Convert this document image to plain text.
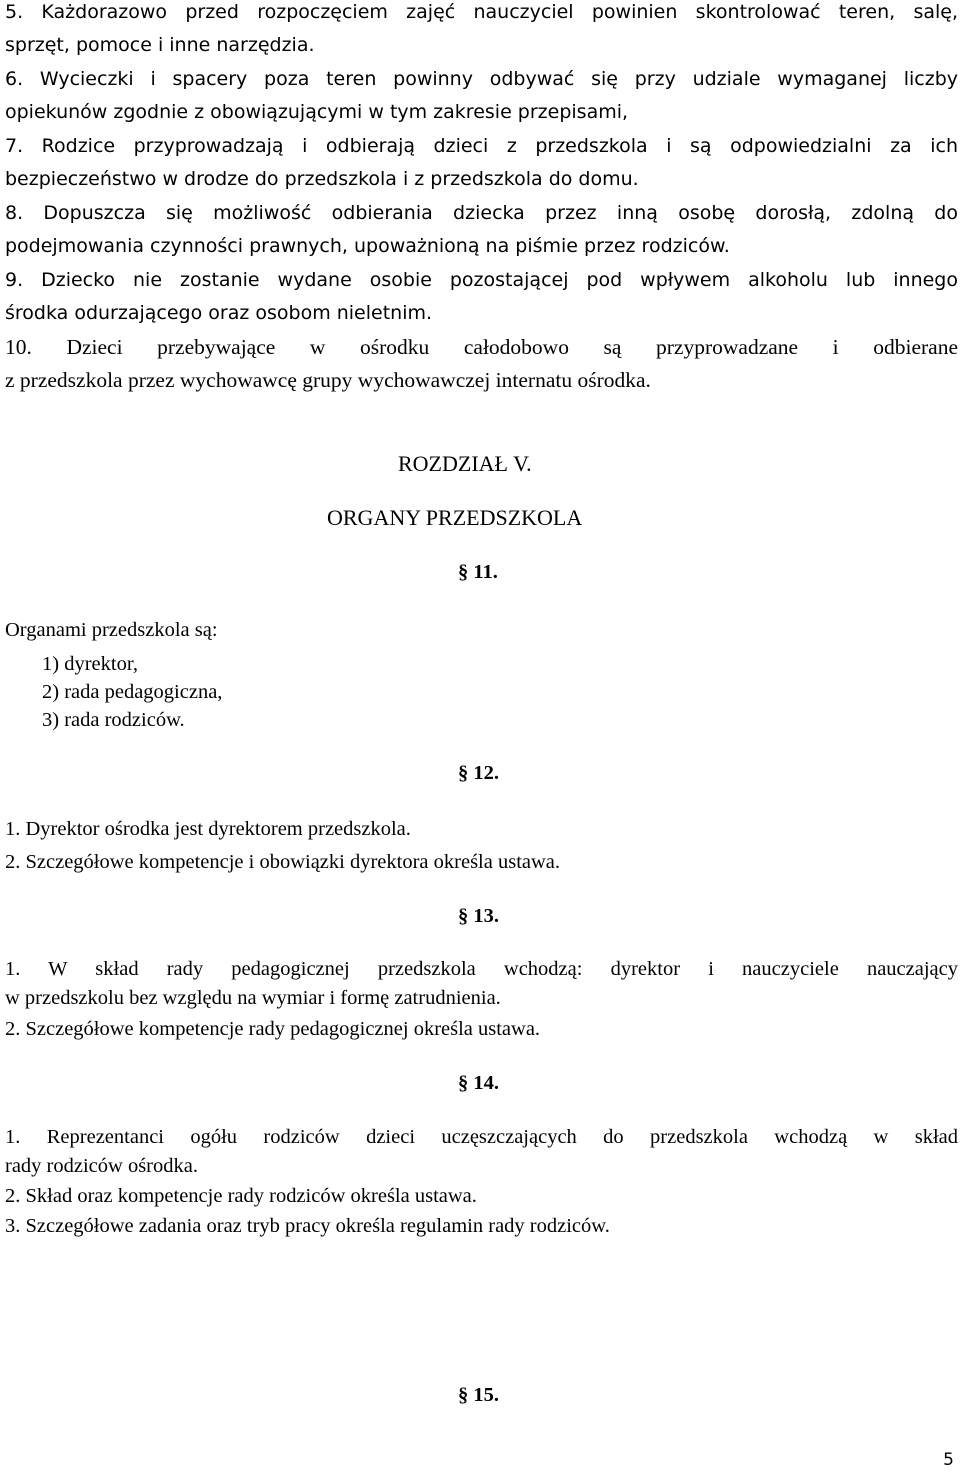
5. Każdorazowo przed rozpoczęciem zajęć nauczyciel powinien skontrolować teren, salę,
sprzęt, pomoce i inne narzędzia.
6. Wycieczki i spacery poza teren powinny odbywać się przy udziale wymaganej liczby
opiekunów zgodnie z obowiązującymi w tym zakresie przepisami,
7. Rodzice przyprowadzają i odbierają dzieci z przedszkola i są odpowiedzialni za ich
bezpieczeństwo w drodze do przedszkola i z przedszkola do domu.
8. Dopuszcza się możliwość odbierania dziecka przez inną osobę dorosłą, zdolną do
podejmowania czynności prawnych, upoważnioną na piśmie przez rodziców.
9. Dziecko nie zostanie wydane osobie pozostającej pod wpływem alkoholu lub innego
środka odurzającego oraz osobom nieletnim.
10. Dzieci przebywające w ośrodku całodobowo są przyprowadzane i odbierane
z przedszkola przez wychowawcę grupy wychowawczej internatu ośrodka.
ROZDZIAŁ V.
ORGANY PRZEDSZKOLA
§ 11.
Organami przedszkola są:
1) dyrektor,
2) rada pedagogiczna,
3) rada rodziców.
§ 12.
1. Dyrektor ośrodka jest dyrektorem przedszkola.
2. Szczegółowe kompetencje i obowiązki dyrektora określa ustawa.
§ 13.
1. W skład rady pedagogicznej przedszkola wchodzą: dyrektor i nauczyciele nauczający
w przedszkolu bez względu na wymiar i formę zatrudnienia.
2. Szczegółowe kompetencje rady pedagogicznej określa ustawa.
§ 14.
1. Reprezentanci ogółu rodziców dzieci uczęszczających do przedszkola wchodzą w skład
rady rodziców ośrodka.
2. Skład oraz kompetencje rady rodziców określa ustawa.
3. Szczegółowe zadania oraz tryb pracy określa regulamin rady rodziców.
§ 15.
5
